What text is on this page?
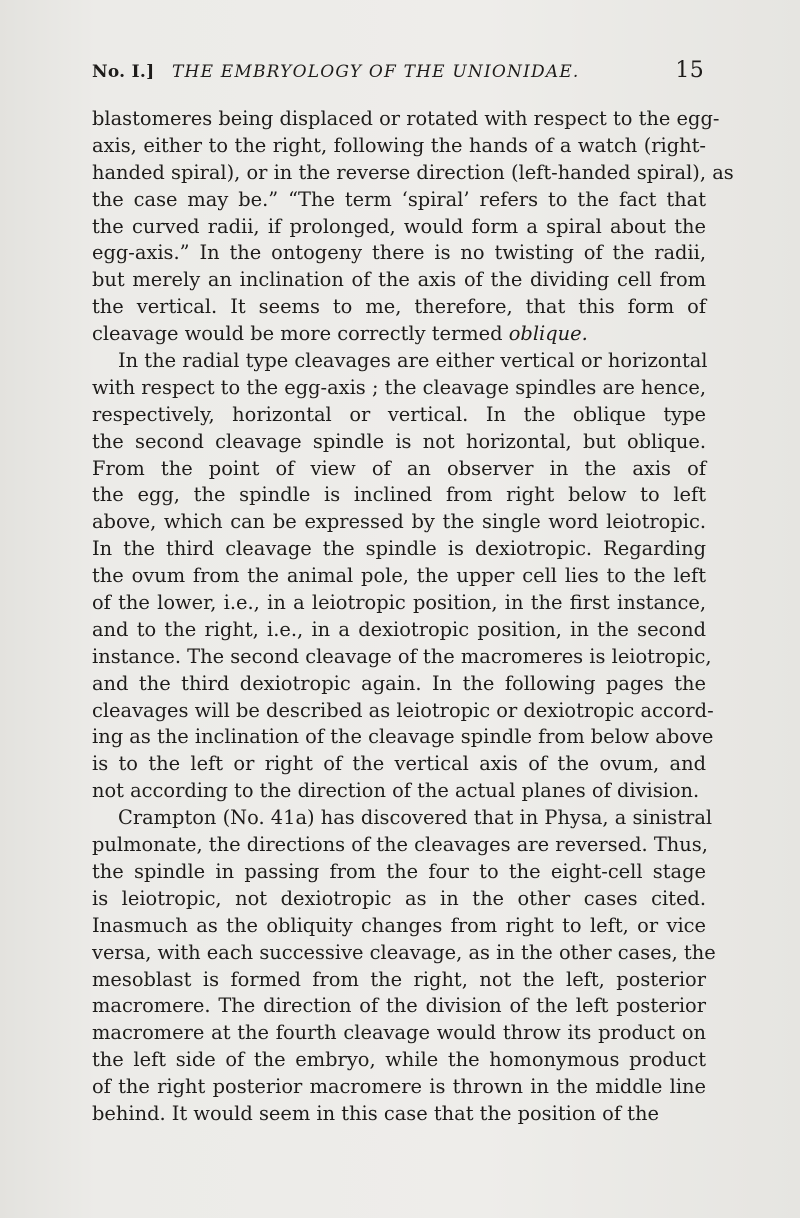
No. I.] THE EMBRYOLOGY OF THE UNIONIDAE.	15
blastomeres being displaced or rotated with respect to the egg-
axis, either to the right, following the hands of a watch (right-
handed spiral), or in the reverse direction (left-handed spiral), as
the case may be.” “The term ‘spiral’ refers to the fact that
the curved radii, if prolonged, would form a spiral about the
egg-axis.” In the ontogeny there is no twisting of the radii,
but merely an inclination of the axis of the dividing cell from
the vertical. It seems to me, therefore, that this form of
cleavage would be more correctly termed oblique.
In the radial type cleavages are either vertical or horizontal
with respect to the egg-axis ; the cleavage spindles are hence,
respectively, horizontal or vertical. In the oblique type
the second cleavage spindle is not horizontal, but oblique.
From the point of view of an observer in the axis of
the egg, the spindle is inclined from right below to left
above, which can be expressed by the single word leiotropic.
In the third cleavage the spindle is dexiotropic. Regarding
the ovum from the animal pole, the upper cell lies to the left
of the lower, i.e., in a leiotropic position, in the first instance,
and to the right, i.e., in a dexiotropic position, in the second
instance. The second cleavage of the macromeres is leiotropic,
and the third dexiotropic again. In the following pages the
cleavages will be described as leiotropic or dexiotropic accord-
ing as the inclination of the cleavage spindle from below above
is to the left or right of the vertical axis of the ovum, and
not according to the direction of the actual planes of division.
Crampton (No. 41a) has discovered that in Physa, a sinistral
pulmonate, the directions of the cleavages are reversed. Thus,
the spindle in passing from the four to the eight-cell stage
is leiotropic, not dexiotropic as in the other cases cited.
Inasmuch as the obliquity changes from right to left, or vice
versa, with each successive cleavage, as in the other cases, the
mesoblast is formed from the right, not the left, posterior
macromere. The direction of the division of the left posterior
macromere at the fourth cleavage would throw its product on
the left side of the embryo, while the homonymous product
of the right posterior macromere is thrown in the middle line
behind. It would seem in this case that the position of the
